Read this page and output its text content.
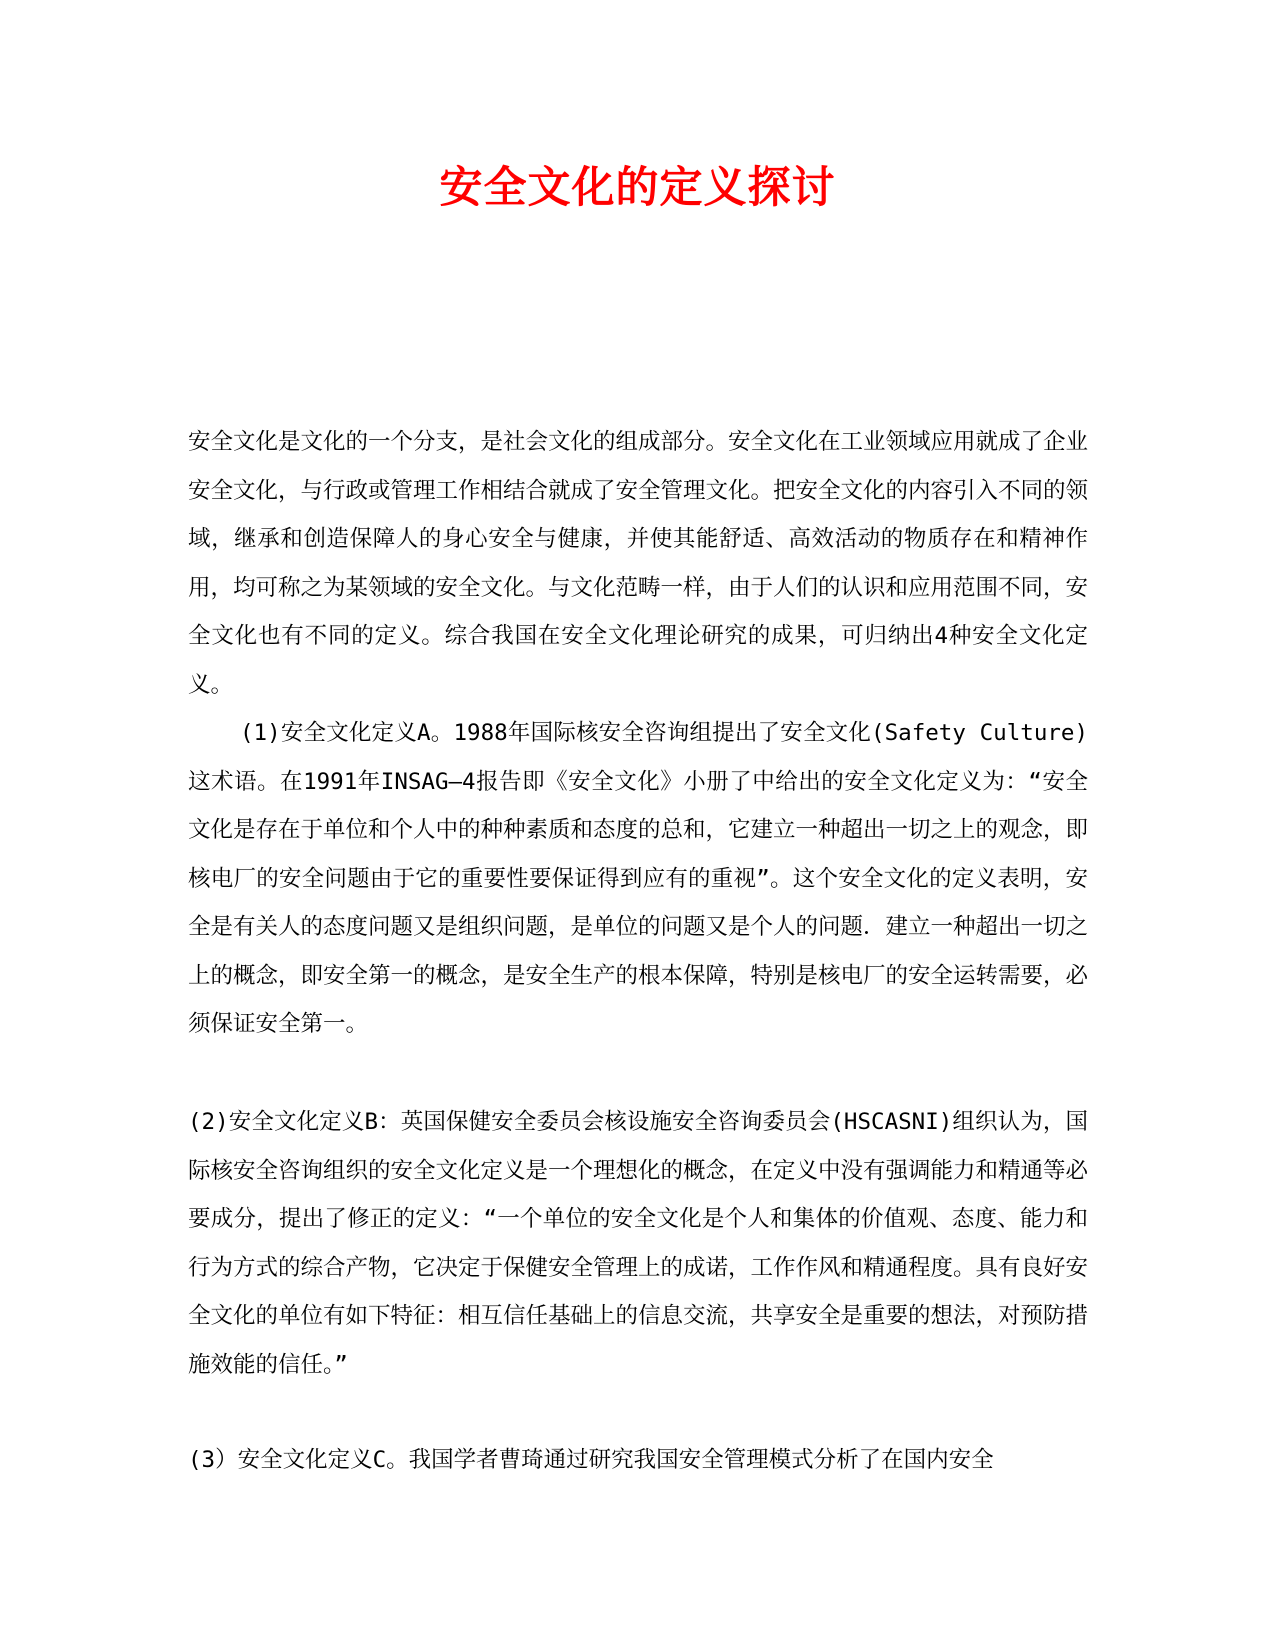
安全文化的定义探讨

安全文化是文化的一个分支，是社会文化的组成部分。安全文化在工业领域应用就成了企业安全文化，与行政或管理工作相结合就成了安全管理文化。把安全文化的内容引入不同的领域，继承和创造保障人的身心安全与健康，并使其能舒适、高效活动的物质存在和精神作用，均可称之为某领域的安全文化。与文化范畴一样，由于人们的认识和应用范围不同，安全文化也有不同的定义。综合我国在安全文化理论研究的成果，可归纳出4种安全文化定义。

(1)安全文化定义A。1988年国际核安全咨询组提出了安全文化(Safety Culture)这术语。在1991年INSAG—4报告即《安全文化》小册了中给出的安全文化定义为：“安全文化是存在于单位和个人中的种种素质和态度的总和，它建立一种超出一切之上的观念，即核电厂的安全问题由于它的重要性要保证得到应有的重视”。这个安全文化的定义表明，安全是有关人的态度问题又是组织问题，是单位的问题又是个人的问题．建立一种超出一切之上的概念，即安全第一的概念，是安全生产的根本保障，特别是核电厂的安全运转需要，必须保证安全第一。

(2)安全文化定义B：英国保健安全委员会核设施安全咨询委员会(HSCASNI)组织认为，国际核安全咨询组织的安全文化定义是一个理想化的概念，在定义中没有强调能力和精通等必要成分，提出了修正的定义：“一个单位的安全文化是个人和集体的价值观、态度、能力和行为方式的综合产物，它决定于保健安全管理上的成诺，工作作风和精通程度。具有良好安全文化的单位有如下特征：相互信任基础上的信息交流，共享安全是重要的想法，对预防措施效能的信任。”

(3）安全文化定义C。我国学者曹琦通过研究我国安全管理模式分析了在国内安全
